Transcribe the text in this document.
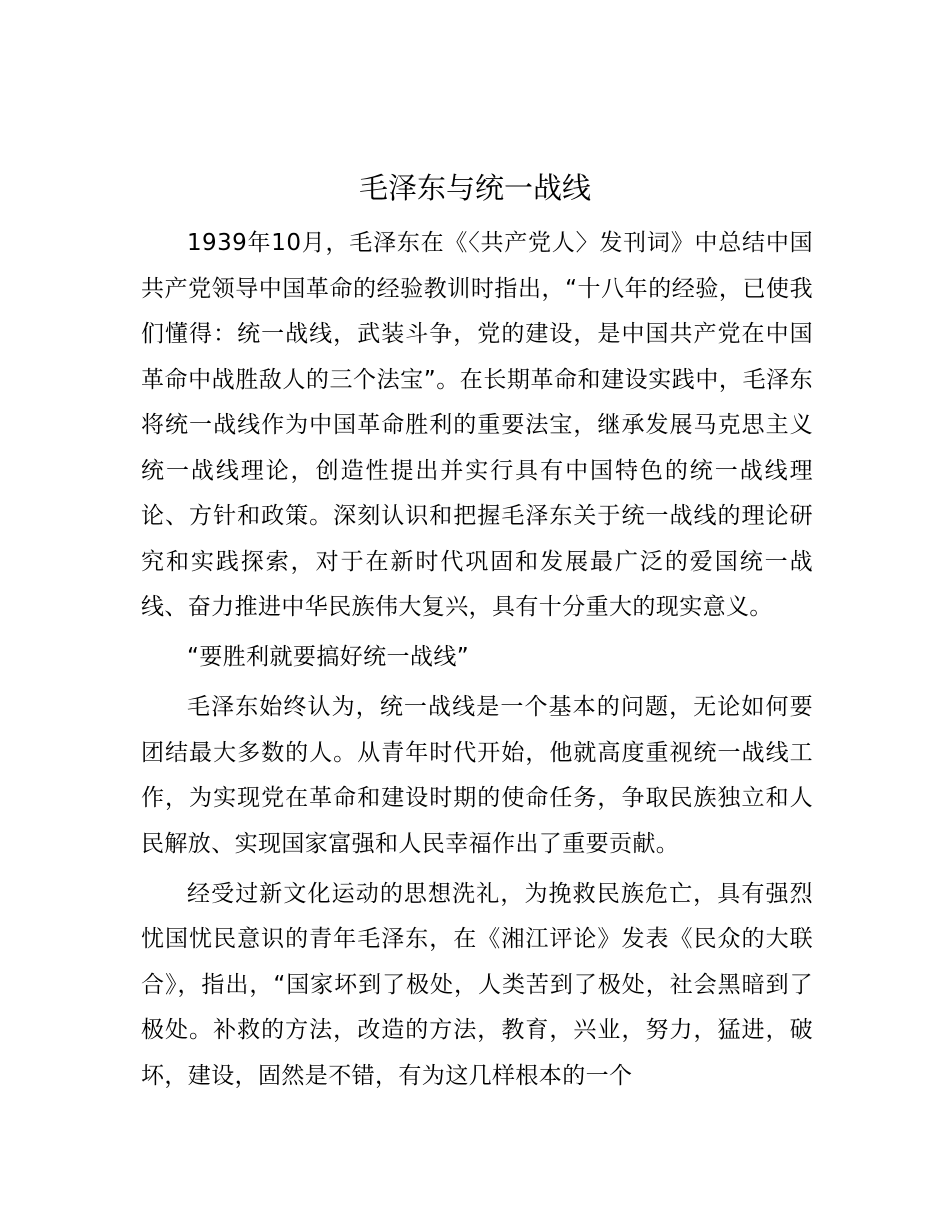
毛泽东与统一战线

1939年10月，毛泽东在《〈共产党人〉发刊词》中总结中国共产党领导中国革命的经验教训时指出，“十八年的经验，已使我们懂得：统一战线，武装斗争，党的建设，是中国共产党在中国革命中战胜敌人的三个法宝”。在长期革命和建设实践中，毛泽东将统一战线作为中国革命胜利的重要法宝，继承发展马克思主义统一战线理论，创造性提出并实行具有中国特色的统一战线理论、方针和政策。深刻认识和把握毛泽东关于统一战线的理论研究和实践探索，对于在新时代巩固和发展最广泛的爱国统一战线、奋力推进中华民族伟大复兴，具有十分重大的现实意义。

“要胜利就要搞好统一战线”

毛泽东始终认为，统一战线是一个基本的问题，无论如何要团结最大多数的人。从青年时代开始，他就高度重视统一战线工作，为实现党在革命和建设时期的使命任务，争取民族独立和人民解放、实现国家富强和人民幸福作出了重要贡献。

经受过新文化运动的思想洗礼，为挽救民族危亡，具有强烈忧国忧民意识的青年毛泽东，在《湘江评论》发表《民众的大联合》，指出，“国家坏到了极处，人类苦到了极处，社会黑暗到了极处。补救的方法，改造的方法，教育，兴业，努力，猛进，破坏，建设，固然是不错，有为这几样根本的一个
